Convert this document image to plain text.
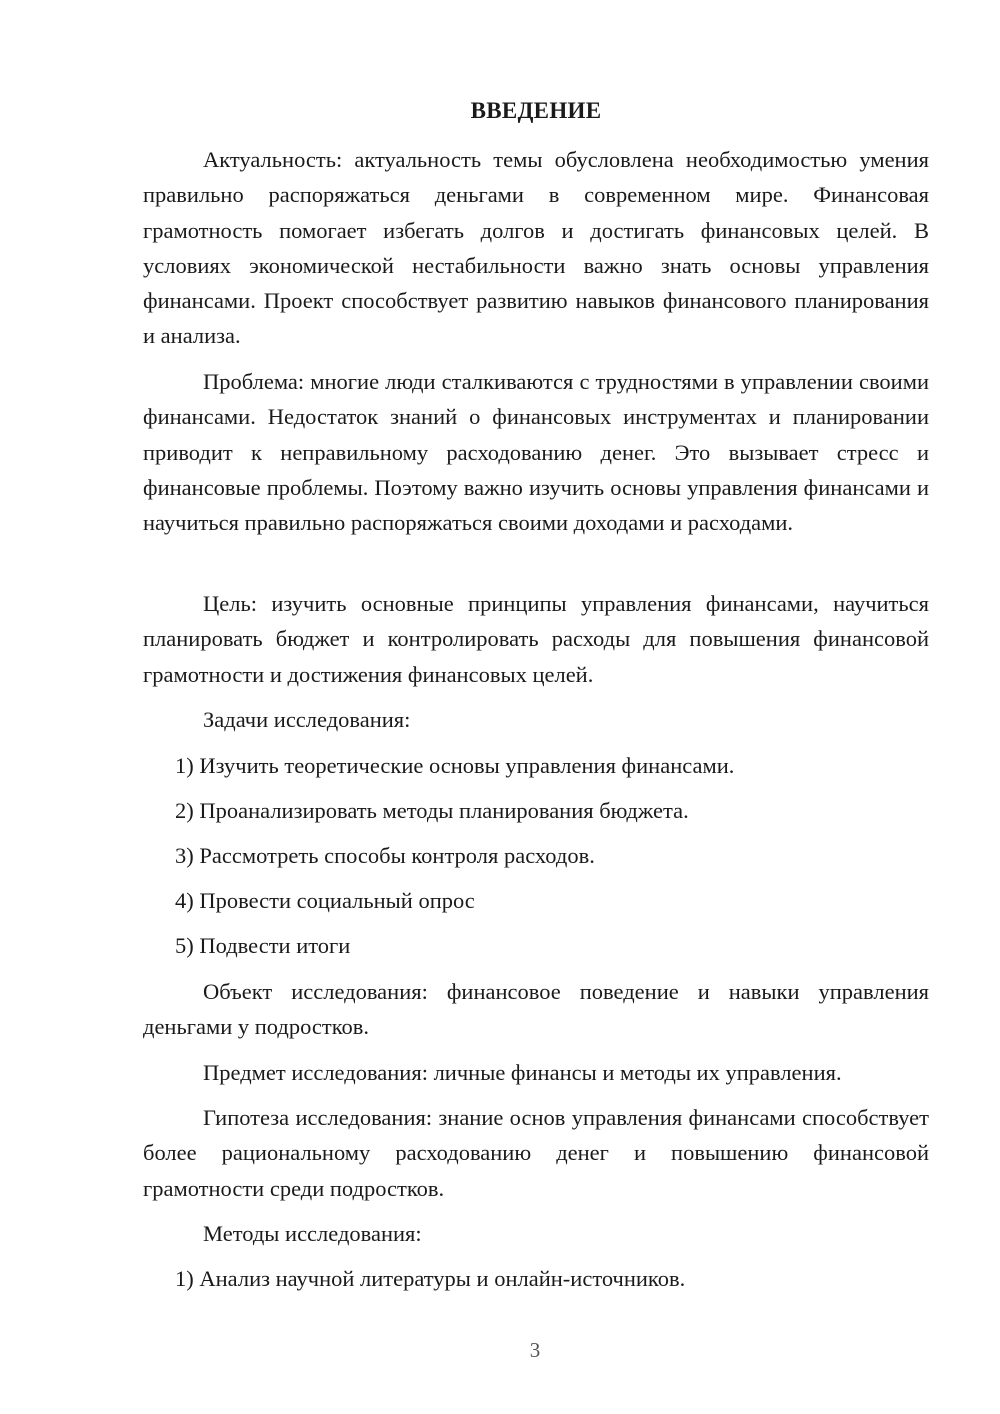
ВВЕДЕНИЕ

Актуальность: актуальность темы обусловлена необходимостью умения правильно распоряжаться деньгами в современном мире. Финансовая грамотность помогает избегать долгов и достигать финансовых целей. В условиях экономической нестабильности важно знать основы управления финансами. Проект способствует развитию навыков финансового планирования и анализа.

Проблема: многие люди сталкиваются с трудностями в управлении своими финансами. Недостаток знаний о финансовых инструментах и планировании приводит к неправильному расходованию денег. Это вызывает стресс и финансовые проблемы. Поэтому важно изучить основы управления финансами и научиться правильно распоряжаться своими доходами и расходами.

Цель: изучить основные принципы управления финансами, научиться планировать бюджет и контролировать расходы для повышения финансовой грамотности и достижения финансовых целей.

Задачи исследования:

1) Изучить теоретические основы управления финансами.

2) Проанализировать методы планирования бюджета.

3) Рассмотреть способы контроля расходов.

4) Провести социальный опрос

5) Подвести итоги

Объект исследования: финансовое поведение и навыки управления деньгами у подростков.

Предмет исследования: личные финансы и методы их управления.

Гипотеза исследования: знание основ управления финансами способствует более рациональному расходованию денег и повышению финансовой грамотности среди подростков.

Методы исследования:

1) Анализ научной литературы и онлайн-источников.

3
